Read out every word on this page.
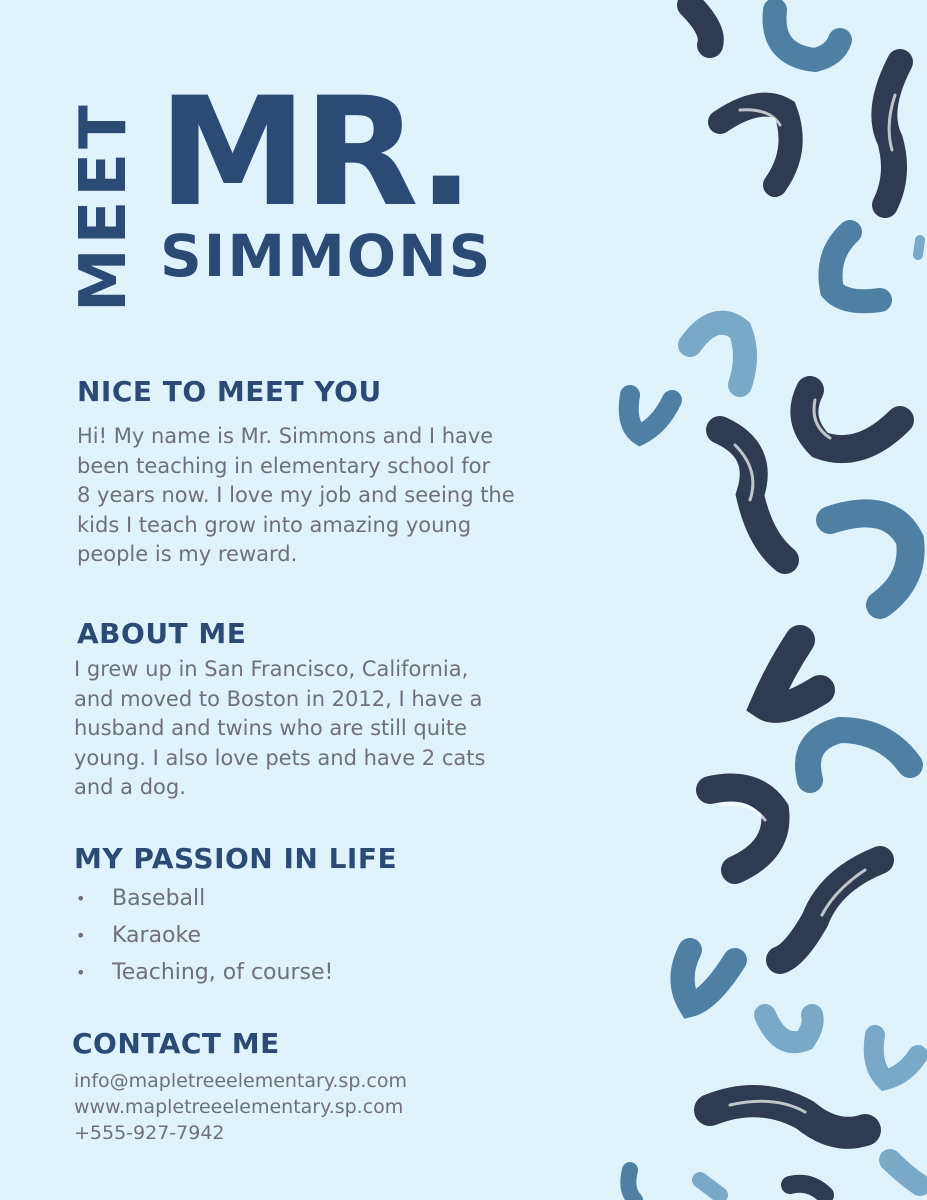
MEET MR.
SIMMONS
NICE TO MEET YOU
Hi! My name is Mr. Simmons and I have
been teaching in elementary school for
8 years now. I love my job and seeing the
kids I teach grow into amazing young
people is my reward.
ABOUT ME
I grew up in San Francisco, California,
and moved to Boston in 2012, I have a
husband and twins who are still quite
young. I also love pets and have 2 cats
and a dog.
MY PASSION IN LIFE
• Baseball
• Karaoke
• Teaching, of course!
CONTACT ME
info@mapletreeelementary.sp.com
www.mapletreeelementary.sp.com
+555-927-7942
